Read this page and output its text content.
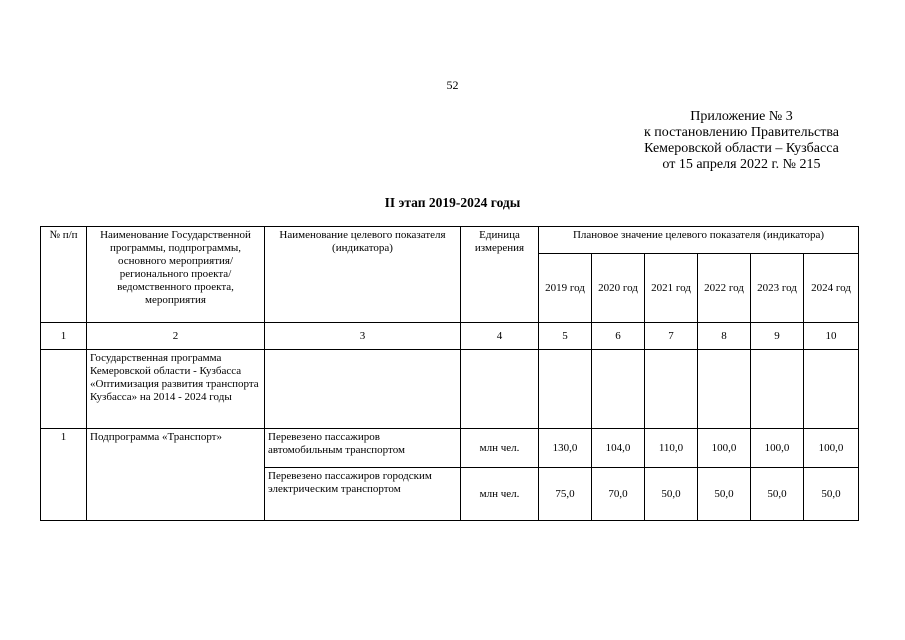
52
Приложение № 3
к постановлению Правительства
Кемеровской области – Кузбасса
от 15 апреля 2022 г. № 215
II этап 2019-2024 годы
№ п/п	Наименование Государственной программы, подпрограммы, основного мероприятия/регионального проекта/ведомственного проекта, мероприятия	Наименование целевого показателя (индикатора)	Единица измерения	Плановое значение целевого показателя (индикатора)					
				2019 год	2020 год	2021 год	2022 год	2023 год	2024 год
1	2	3	4	5	6	7	8	9	10
	Государственная программа Кемеровской области - Кузбасса «Оптимизация развития транспорта Кузбасса» на 2014 - 2024 годы								
1	Подпрограмма «Транспорт»	Перевезено пассажиров автомобильным транспортом	млн чел.	130,0	104,0	110,0	100,0	100,0	100,0
		Перевезено пассажиров городским электрическим транспортом	млн чел.	75,0	70,0	50,0	50,0	50,0	50,0
